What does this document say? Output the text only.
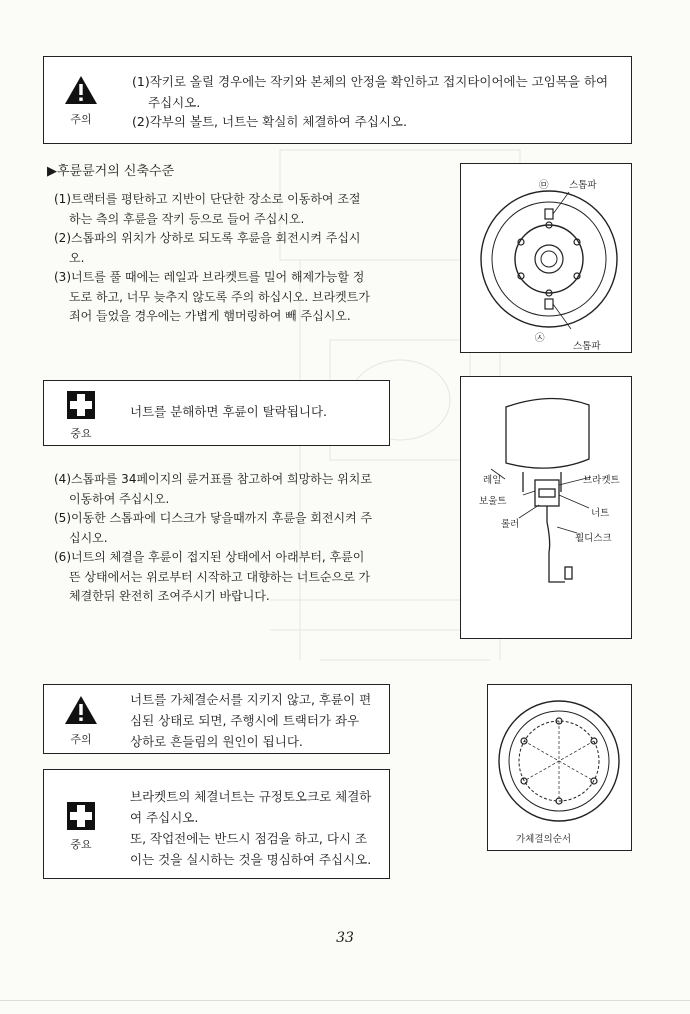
주의
(1)작키로 올릴 경우에는 작키와 본체의 안정을 확인하고 접지타이어에는 고임목을 하여
주십시오.
(2)각부의 볼트, 너트는 확실히 체결하여 주십시오.
▶후륜륜거의 신축수준

(1)트랙터를 평탄하고 지반이 단단한 장소로 이동하여 조절 하는 측의 후륜을 작키 등으로 들어 주십시오.

(2)스톱파의 위치가 상하로 되도록 후륜을 회전시켜 주십시오.

(3)너트를 풀 때에는 레일과 브라켓트를 밀어 해제가능할 정도로 하고, 너무 늦추지 않도록 주의 하십시오. 브라켓트가 죄어 들었을 경우에는 가볍게 햄머링하여 빼 주십시오.

㉤ 스톱파
㉦
스톱파
중요
너트를 분해하면 후륜이 탈락됩니다.
레일	브라켓트
보울트
너트
롤러
휠디스크

(4)스톱파를 34페이지의 륜거표를 참고하여 희망하는 위치로 이동하여 주십시오.

(5)이동한 스톱파에 디스크가 닿을때까지 후륜을 회전시켜 주십시오.

(6)너트의 체결을 후륜이 접지된 상태에서 아래부터, 후륜이 뜬 상태에서는 위로부터 시작하고 대향하는 너트순으로 가체결한뒤 완전히 조여주시기 바랍니다.

주의
너트를 가체결순서를 지키지 않고, 후륜이 편
심된 상태로 되면, 주행시에 트랙터가 좌우
상하로 흔들림의 원인이 됩니다.
중요
브라켓트의 체결너트는 규정토오크로 체결하
여 주십시오.
또, 작업전에는 반드시 점검을 하고, 다시 조
이는 것을 실시하는 것을 명심하여 주십시오.
가체결의순서
33
